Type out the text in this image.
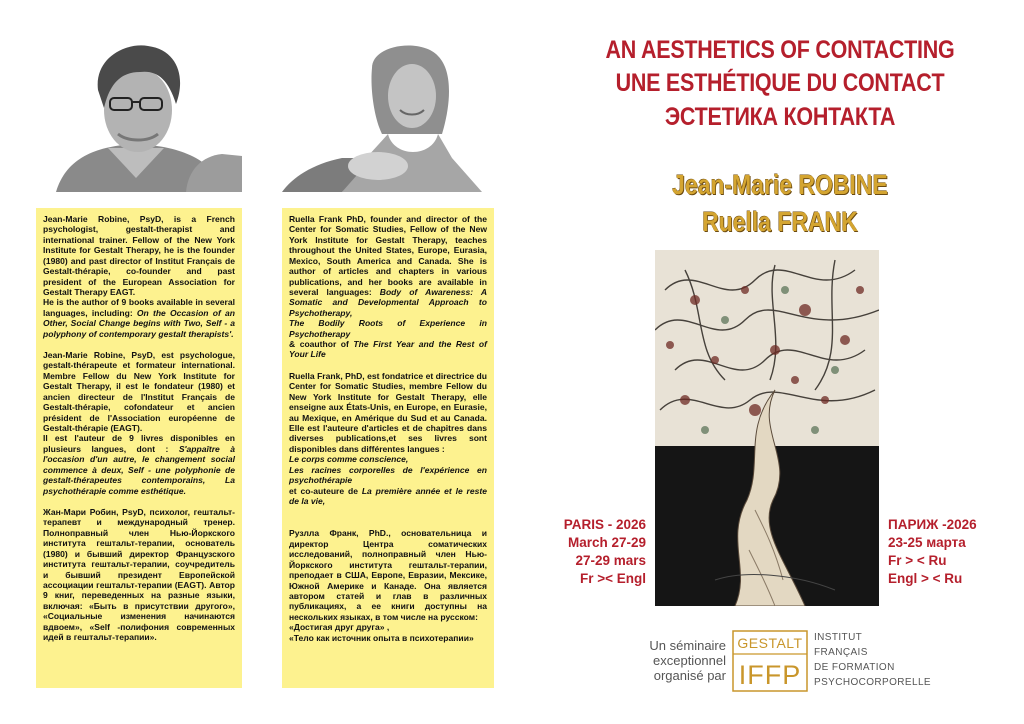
Jean-Marie Robine, PsyD, is a French psychologist, gestalt-therapist and international trainer. Fellow of the New York Institute for Gestalt Therapy, he is the founder (1980) and past director of Institut Français de Gestalt-thérapie, co-founder and past president of the European Association for Gestalt Therapy EAGT.

He is the author of 9 books available in several languages, including: On the Occasion of an Other, Social Change begins with Two, Self - a polyphony of contemporary gestalt therapists'.

Jean-Marie Robine, PsyD, est psychologue, gestalt-thérapeute et formateur international. Membre Fellow du New York Institute for Gestalt Therapy, il est le fondateur (1980) et ancien directeur de l'Institut Français de Gestalt-thérapie, cofondateur et ancien président de l'Association européenne de Gestalt-thérapie (EAGT).

Il est l'auteur de 9 livres disponibles en plusieurs langues, dont : S'appaître à l'occasion d'un autre, le changement social commence à deux, Self - une polyphonie de gestalt-thérapeutes contemporains, La psychothérapie comme esthétique.

Жан-Мари Робин, PsyD, психолог, гештальт-терапевт и международный тренер. Полноправный член Нью-Йоркского института гештальт-терапии, основатель (1980) и бывший директор Французского института гештальт-терапии, соучредитель и бывший президент Европейской ассоциации гештальт-терапии (EAGT). Автор 9 книг, переведенных на разные языки, включая: «Быть в присутствии другого», «Социальные изменения начинаются вдвоем», «Self -полифония современных идей в гештальт-терапии».

Ruella Frank PhD, founder and director of the Center for Somatic Studies, Fellow of the New York Institute for Gestalt Therapy, teaches throughout the United States, Europe, Eurasia, Mexico, South America and Canada. She is author of articles and chapters in various publications, and her books are available in several languages: Body of Awareness: A Somatic and Developmental Approach to Psychotherapy,

The Bodily Roots of Experience in Psychotherapy

& coauthor of The First Year and the Rest of Your Life

Ruella Frank, PhD, est fondatrice et directrice du Center for Somatic Studies, membre Fellow du New York Institute for Gestalt Therapy, elle enseigne aux États-Unis, en Europe, en Eurasie, au Mexique, en Amérique du Sud et au Canada. Elle est l'auteure d'articles et de chapitres dans diverses publications,et ses livres sont disponibles dans différentes langues :

Le corps comme conscience,

Les racines corporelles de l'expérience en psychothérapie

et co-auteure de La première année et le reste de la vie,

Рузлла Франк, PhD., основательница и директор Центра соматических исследований, полноправный член Нью-Йоркского института гештальт-терапии, преподает в США, Европе, Евразии, Мексике, Южной Америке и Канаде. Она является автором статей и глав в различных публикациях, а ее книги доступны на нескольких языках, в том числе на русском:

«Достигая друг друга» ,

«Тело как источник опыта в психотерапии»

AN AESTHETICS OF CONTACTING
UNE ESTHÉTIQUE DU CONTACT
ЭСТЕТИКА КОНТАКТА
Jean-Marie ROBINE
Ruella FRANK
PARIS - 2026
March 27-29
27-29 mars
Fr >< Engl
ПАРИЖ -2026
23-25 марта
Fr > < Ru
Engl > < Ru
Un séminaire
exceptionnel
organisé par
GESTALT
IFFP
INSTITUT
FRANÇAIS
DE FORMATION
PSYCHOCORPORELLE
